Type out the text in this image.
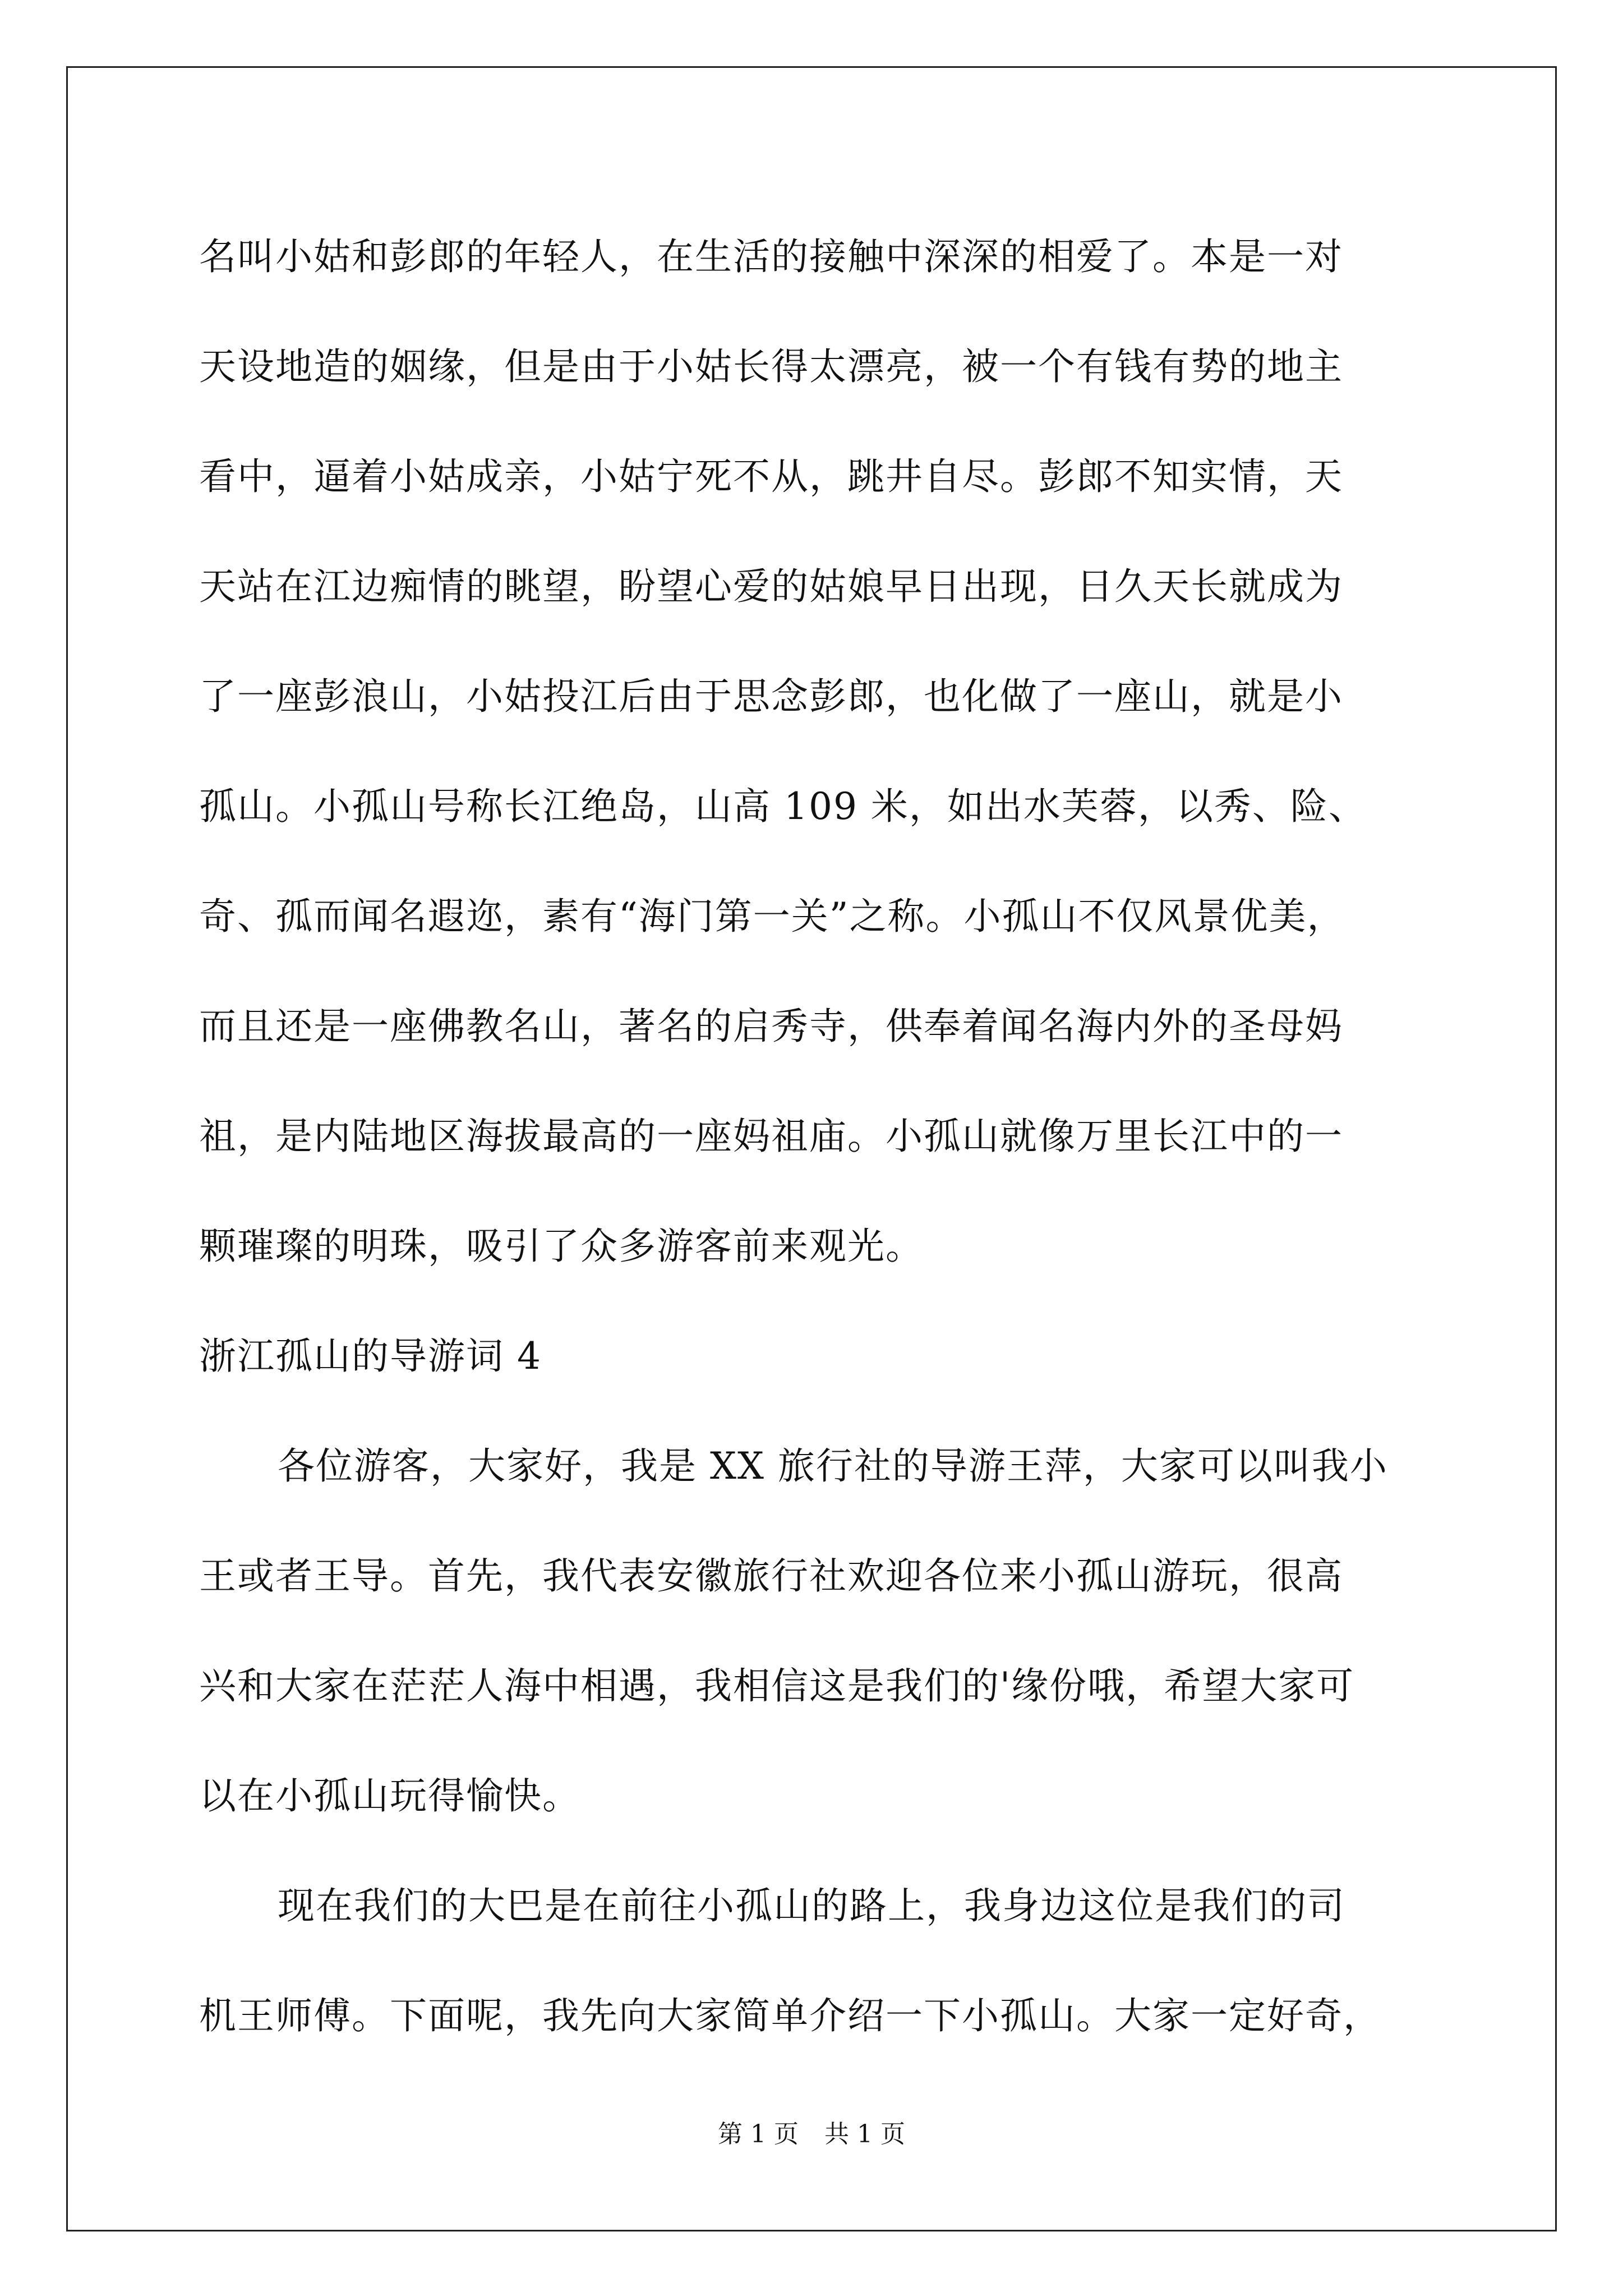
名叫小姑和彭郎的年轻人，在生活的接触中深深的相爱了。本是一对
天设地造的姻缘，但是由于小姑长得太漂亮，被一个有钱有势的地主
看中，逼着小姑成亲，小姑宁死不从，跳井自尽。彭郎不知实情，天
天站在江边痴情的眺望，盼望心爱的姑娘早日出现，日久天长就成为
了一座彭浪山，小姑投江后由于思念彭郎，也化做了一座山，就是小
孤山。小孤山号称长江绝岛，山高 109 米，如出水芙蓉，以秀、险、
奇、孤而闻名遐迩，素有“海门第一关”之称。小孤山不仅风景优美，
而且还是一座佛教名山，著名的启秀寺，供奉着闻名海内外的圣母妈
祖，是内陆地区海拔最高的一座妈祖庙。小孤山就像万里长江中的一
颗璀璨的明珠，吸引了众多游客前来观光。
浙江孤山的导游词 4
各位游客，大家好，我是 XX 旅行社的导游王萍，大家可以叫我小
王或者王导。首先，我代表安徽旅行社欢迎各位来小孤山游玩，很高
兴和大家在茫茫人海中相遇，我相信这是我们的'缘份哦，希望大家可
以在小孤山玩得愉快。
现在我们的大巴是在前往小孤山的路上，我身边这位是我们的司
机王师傅。下面呢，我先向大家简单介绍一下小孤山。大家一定好奇，
第 1 页 共 1 页
